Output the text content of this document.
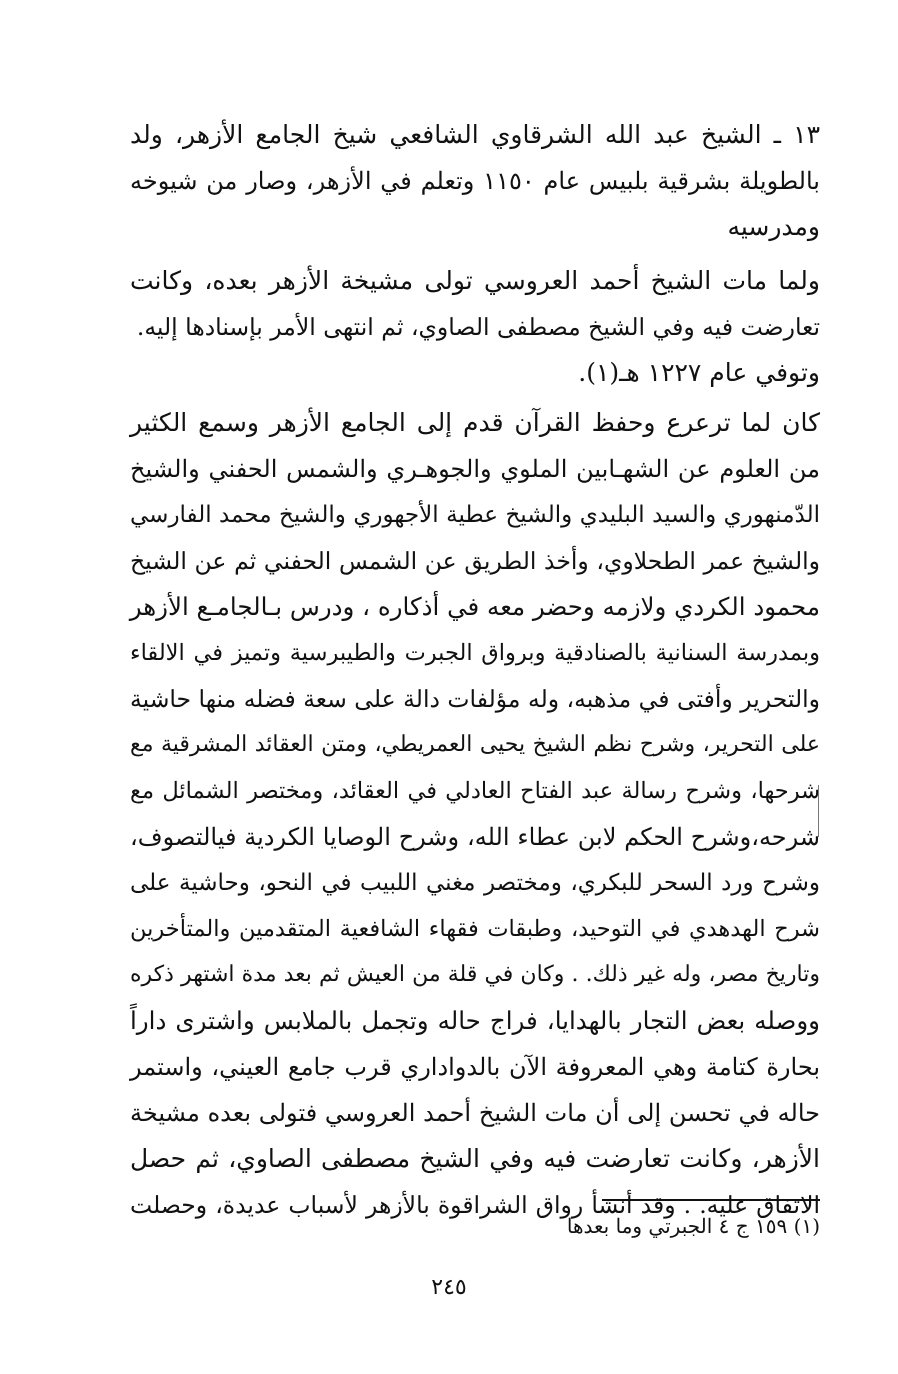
١٣ ـ الشيخ عبد الله الشرقاوي الشافعي شيخ الجامع الأزهر، ولد
بالطويلة بشرقية بلبيس عام ١١٥٠ وتعلم في الأزهر، وصار من شيوخه
ومدرسيه
ولما مات الشيخ أحمد العروسي تولى مشيخة الأزهر بعده، وكانت
تعارضت فيه وفي الشيخ مصطفى الصاوي، ثم انتهى الأمر بإسنادها إليه.
وتوفي عام ١٢٢٧ هـ(١).
كان لما ترعرع وحفظ القرآن قدم إلى الجامع الأزهر وسمع الكثير
من العلوم عن الشهـابين الملوي والجوهـري والشمس الحفني والشيخ
الدّمنهوري والسيد البليدي والشيخ عطية الأجهوري والشيخ محمد الفارسي
والشيخ عمر الطحلاوي، وأخذ الطريق عن الشمس الحفني ثم عن الشيخ
محمود الكردي ولازمه وحضر معه في أذكاره ، ودرس بـالجامـع الأزهر
وبمدرسة السنانية بالصنادقية وبرواق الجبرت والطيبرسية وتميز في الالقاء
والتحرير وأفتى في مذهبه، وله مؤلفات دالة على سعة فضله منها حاشية
على التحرير، وشرح نظم الشيخ يحيى العمريطي، ومتن العقائد المشرقية مع
شرحها، وشرح رسالة عبد الفتاح العادلي في العقائد، ومختصر الشمائل مع
شرحه،وشرح الحكم لابن عطاء الله، وشرح الوصايا الكردية فيالتصوف،
وشرح ورد السحر للبكري، ومختصر مغني اللبيب في النحو، وحاشية على
شرح الهدهدي في التوحيد، وطبقات فقهاء الشافعية المتقدمين والمتأخرين
وتاريخ مصر، وله غير ذلك. . وكان في قلة من العيش ثم بعد مدة اشتهر ذكره
ووصله بعض التجار بالهدايا، فراج حاله وتجمل بالملابس واشترى داراً
بحارة كتامة وهي المعروفة الآن بالدواداري قرب جامع العيني، واستمر
حاله في تحسن إلى أن مات الشيخ أحمد العروسي فتولى بعده مشيخة
الأزهر، وكانت تعارضت فيه وفي الشيخ مصطفى الصاوي، ثم حصل
الاتفاق عليه. . وقد أنشأ رواق الشراقوة بالأزهر لأسباب عديدة، وحصلت
(١) ١٥٩ ج ٤ الجبرتي وما بعدها
٢٤٥
